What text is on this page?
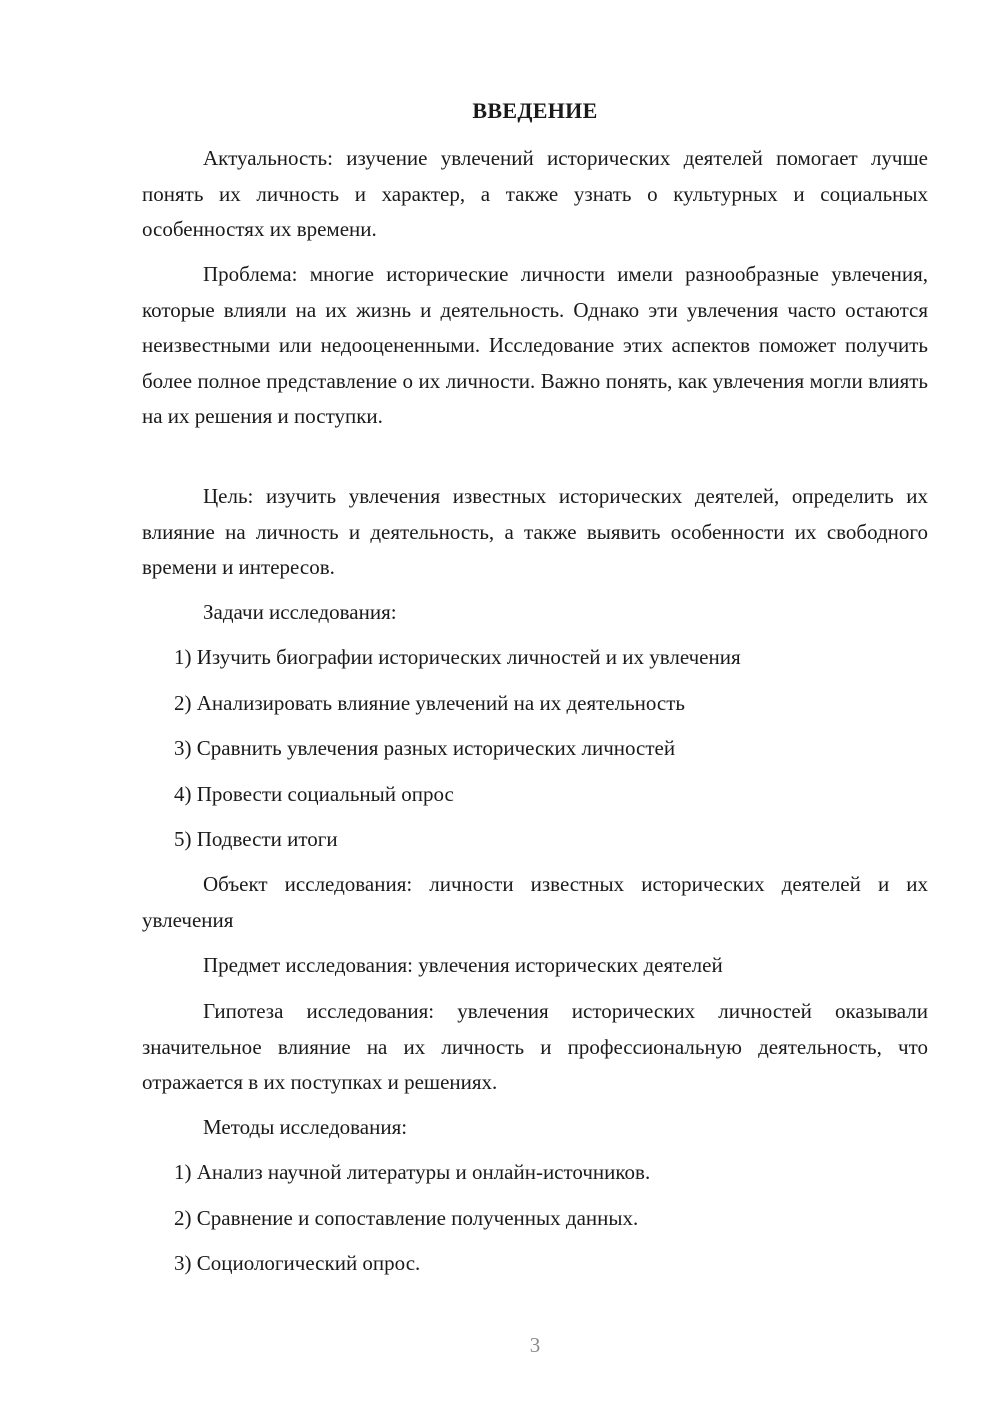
ВВЕДЕНИЕ
Актуальность: изучение увлечений исторических деятелей помогает лучше понять их личность и характер, а также узнать о культурных и социальных особенностях их времени.
Проблема: многие исторические личности имели разнообразные увлечения, которые влияли на их жизнь и деятельность. Однако эти увлечения часто остаются неизвестными или недооцененными. Исследование этих аспектов поможет получить более полное представление о их личности. Важно понять, как увлечения могли влиять на их решения и поступки.
Цель: изучить увлечения известных исторических деятелей, определить их влияние на личность и деятельность, а также выявить особенности их свободного времени и интересов.
Задачи исследования:
1) Изучить биографии исторических личностей и их увлечения
2) Анализировать влияние увлечений на их деятельность
3) Сравнить увлечения разных исторических личностей
4) Провести социальный опрос
5) Подвести итоги
Объект исследования: личности известных исторических деятелей и их увлечения
Предмет исследования: увлечения исторических деятелей
Гипотеза исследования: увлечения исторических личностей оказывали значительное влияние на их личность и профессиональную деятельность, что отражается в их поступках и решениях.
Методы исследования:
1) Анализ научной литературы и онлайн-источников.
2) Сравнение и сопоставление полученных данных.
3) Социологический опрос.
3
